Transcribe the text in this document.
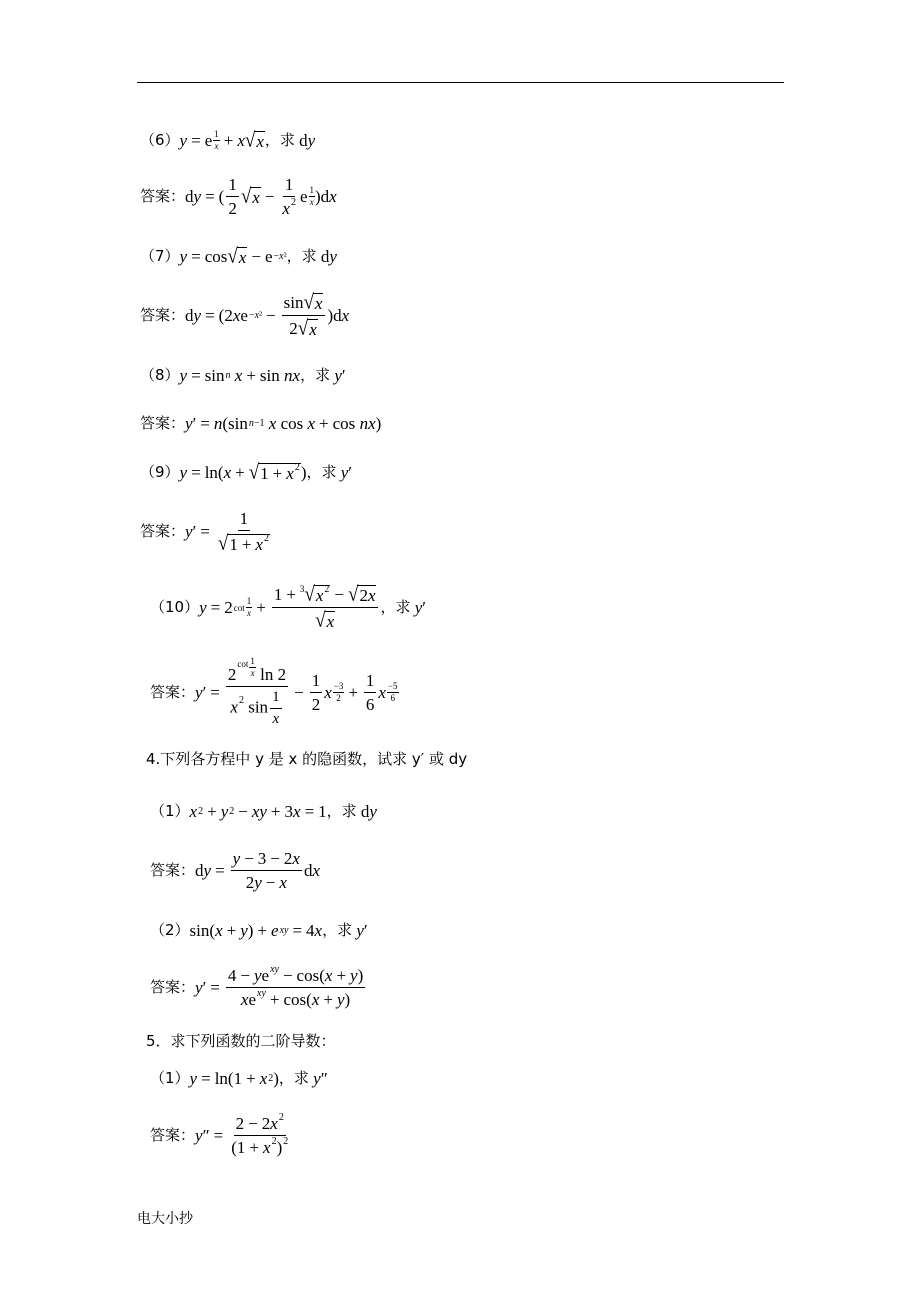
（6） y = e 1
x + x √ x ，求 d y
答案： d y = ( $\frac{1}{2}$ √ $x - \frac{1}{x^2}$ e 1
x ) d x
（7） y = cos √ x − e −x² ，求 d y
答案： d y = (2 x $e -x^2 - \frac{\sin √ x}{2 √ x}$ ) d x
（8） y = sin n
x + sin
nx ，求
y ′
答案： y ′ = n ( sin n−1
x
cos
x + cos
nx )
（9） y = ln ( x + √ $1 + x^2$ ) ，求
y ′
答案： y ′ = $\frac{1}{√ 1 + x^2}$
（10） y = 2 cot
1
$x + \frac{1 + ^3 √ x^2 - √ 2x}{√ x}$ ，求
y ′
答案： y ′ = $\frac{2^{cot} \frac{1}{x} \ln 2}{x^2 \sin \frac{1}{x}} - \frac{1}{2}$ x −3
$2 + \frac{1}{6}$ x −5
6
4.下列各方程中 y 是 x 的隐函数，试求 y′ 或 dy
（1） x 2 + y 2 − xy + 3 x = 1 ，求 d y
答案： d $y = \frac{y - 3 - 2x}{2y - x}$ d x
（2） sin ( x + y ) + e xy = 4 x ，求
y ′
答案： y ′ = $\frac{4 - ye^{xy} - \cos(x + y)}{xe^{xy} + \cos(x + y)}$
5．求下列函数的二阶导数：
（1） y = ln (1 + x 2 ) ，求
y ″
答案： y ″ = $\frac{2 - 2x^2}{(1 + x^2)^2}$
电大小抄
